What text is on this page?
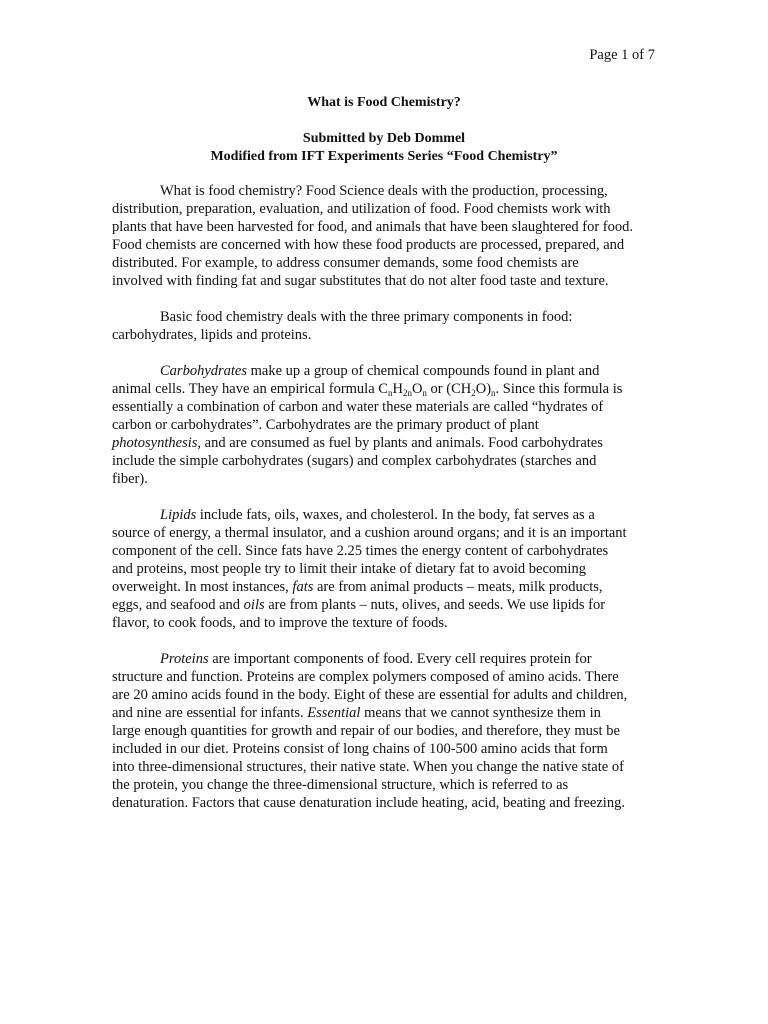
Page 1 of 7
What is Food Chemistry?
Submitted by Deb Dommel
Modified from IFT Experiments Series “Food Chemistry”
What is food chemistry? Food Science deals with the production, processing,
distribution, preparation, evaluation, and utilization of food. Food chemists work with
plants that have been harvested for food, and animals that have been slaughtered for food.
Food chemists are concerned with how these food products are processed, prepared, and
distributed. For example, to address consumer demands, some food chemists are
involved with finding fat and sugar substitutes that do not alter food taste and texture.
Basic food chemistry deals with the three primary components in food:
carbohydrates, lipids and proteins.
Carbohydrates make up a group of chemical compounds found in plant and
animal cells. They have an empirical formula $C_nH_{2n}O_n$ or $(CH_2O)_n$. Since this formula is
essentially a combination of carbon and water these materials are called “hydrates of
carbon or carbohydrates”. Carbohydrates are the primary product of plant
photosynthesis, and are consumed as fuel by plants and animals. Food carbohydrates
include the simple carbohydrates (sugars) and complex carbohydrates (starches and
fiber).
Lipids include fats, oils, waxes, and cholesterol. In the body, fat serves as a
source of energy, a thermal insulator, and a cushion around organs; and it is an important
component of the cell. Since fats have 2.25 times the energy content of carbohydrates
and proteins, most people try to limit their intake of dietary fat to avoid becoming
overweight. In most instances, fats are from animal products – meats, milk products,
eggs, and seafood and oils are from plants – nuts, olives, and seeds. We use lipids for
flavor, to cook foods, and to improve the texture of foods.
Proteins are important components of food. Every cell requires protein for
structure and function. Proteins are complex polymers composed of amino acids. There
are 20 amino acids found in the body. Eight of these are essential for adults and children,
and nine are essential for infants. Essential means that we cannot synthesize them in
large enough quantities for growth and repair of our bodies, and therefore, they must be
included in our diet. Proteins consist of long chains of 100-500 amino acids that form
into three-dimensional structures, their native state. When you change the native state of
the protein, you change the three-dimensional structure, which is referred to as
denaturation. Factors that cause denaturation include heating, acid, beating and freezing.
